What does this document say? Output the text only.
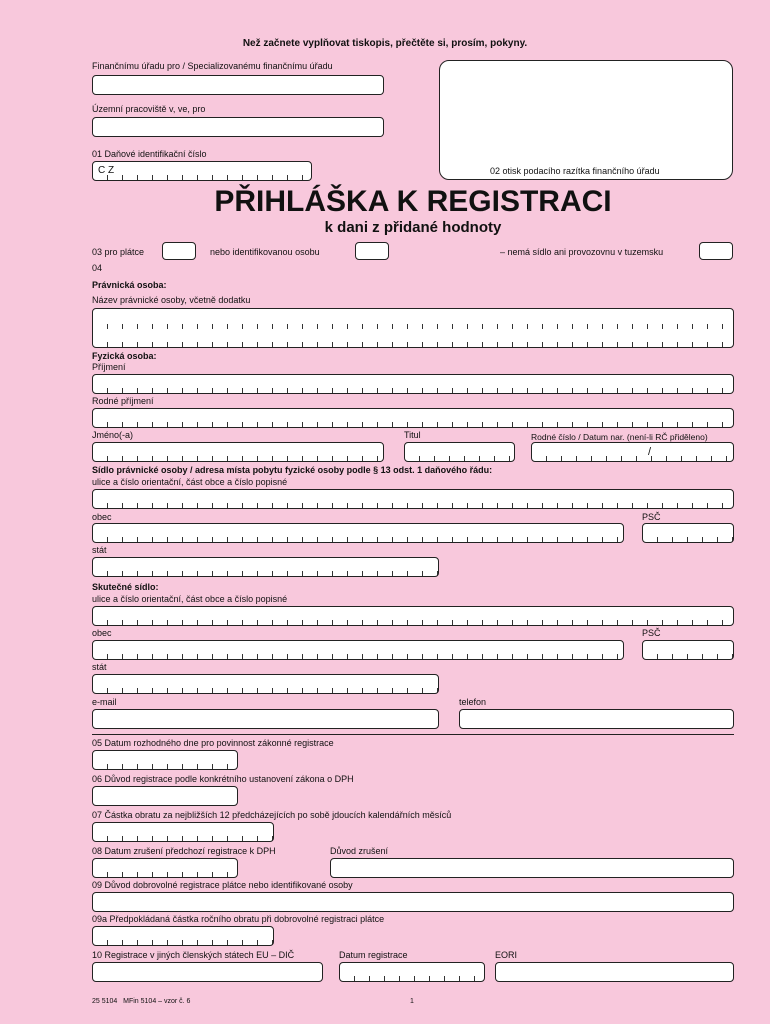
Než začnete vyplňovat tiskopis, přečtěte si, prosím, pokyny.
Finančnímu úřadu pro / Specializovanému finančnímu úřadu
Územní pracoviště v, ve, pro
01 Daňové identifikační číslo
C Z	02 otisk podacího razítka finančního úřadu
PŘIHLÁŠKA K REGISTRACI
k dani z přidané hodnoty
03 pro plátce	nebo identifikovanou osobu	– nemá sídlo ani provozovnu v tuzemsku
04
Právnická osoba:
Název právnické osoby, včetně dodatku
Fyzická osoba:
Příjmení
Rodné příjmení
Jméno(-a)	Titul	Rodné číslo / Datum nar. (není-li RČ přiděleno)
/
Sídlo právnické osoby / adresa místa pobytu fyzické osoby podle § 13 odst. 1 daňového řádu:
ulice a číslo orientační, část obce a číslo popisné
obec	PSČ
stát
Skutečné sídlo:
ulice a číslo orientační, část obce a číslo popisné
obec	PSČ
stát
e-mail	telefon
05 Datum rozhodného dne pro povinnost zákonné registrace
06 Důvod registrace podle konkrétního ustanovení zákona o DPH
07 Částka obratu za nejbližších 12 předcházejících po sobě jdoucích kalendářních měsíců
08 Datum zrušení předchozí registrace k DPH	Důvod zrušení
09 Důvod dobrovolné registrace plátce nebo identifikované osoby
09a Předpokládaná částka ročního obratu při dobrovolné registraci plátce
10 Registrace v jiných členských státech EU – DIČ	Datum registrace	EORI
25 5104   MFin 5104 – vzor č. 6	1
